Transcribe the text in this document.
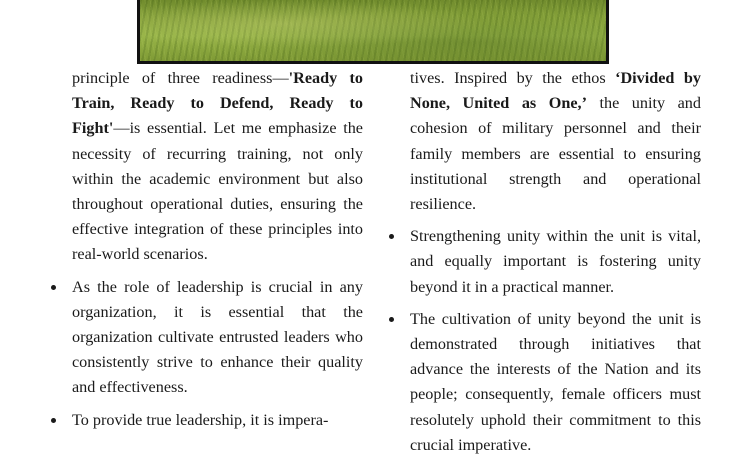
principle of three readiness—'Ready to Train, Ready to Defend, Ready to Fight'—is essential. Let me emphasize the necessity of recurring training, not only within the academic environment but also throughout operational duties, ensuring the effective integration of these principles into real-world scenarios.

As the role of leadership is crucial in any organization, it is essential that the organization cultivate entrusted leaders who consistently strive to enhance their quality and effectiveness.
To provide true leadership, it is impera-

tives. Inspired by the ethos ‘Divided by None, United as One,’ the unity and cohesion of military personnel and their family members are essential to ensuring institutional strength and operational resilience.

Strengthening unity within the unit is vital, and equally important is fostering unity beyond it in a practical manner.
The cultivation of unity beyond the unit is demonstrated through initiatives that advance the interests of the Nation and its people; consequently, female officers must resolutely uphold their commitment to this crucial imperative.
